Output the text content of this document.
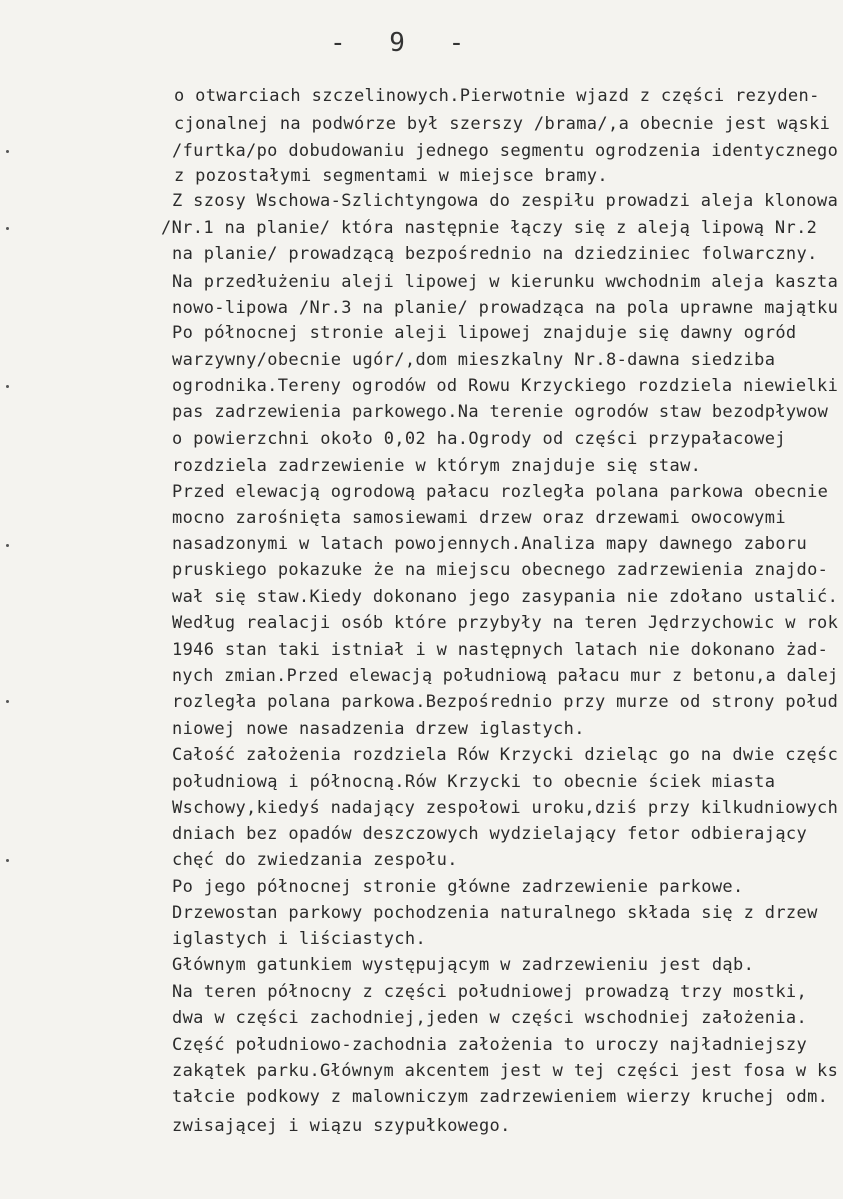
- 9 -
o otwarciach szczelinowych.Pierwotnie wjazd z części rezyden-
cjonalnej na podwórze był szerszy /brama/,a obecnie jest wąski
/furtka/po dobudowaniu jednego segmentu ogrodzenia identycznego
z pozostałymi segmentami w miejsce bramy.
Z szosy Wschowa-Szlichtyngowa do zespiłu prowadzi aleja klonowa
/Nr.1 na planie/ która następnie łączy się z aleją lipową Nr.2
na planie/ prowadzącą bezpośrednio na dziedziniec folwarczny.
Na przedłużeniu aleji lipowej w kierunku wwchodnim aleja kaszta
nowo-lipowa /Nr.3 na planie/ prowadząca na pola uprawne majątku
Po północnej stronie aleji lipowej znajduje się dawny ogród
warzywny/obecnie ugór/,dom mieszkalny Nr.8-dawna siedziba
ogrodnika.Tereny ogrodów od Rowu Krzyckiego rozdziela niewielki
pas zadrzewienia parkowego.Na terenie ogrodów staw bezodpływow
o powierzchni około 0,02 ha.Ogrody od części przypałacowej
rozdziela zadrzewienie w którym znajduje się staw.
Przed elewacją ogrodową pałacu rozległa polana parkowa obecnie
mocno zarośnięta samosiewami drzew oraz drzewami owocowymi
nasadzonymi w latach powojennych.Analiza mapy dawnego zaboru
pruskiego pokazuke że na miejscu obecnego zadrzewienia znajdo-
wał się staw.Kiedy dokonano jego zasypania nie zdołano ustalić.
Według realacji osób które przybyły na teren Jędrzychowic w rok
1946 stan taki istniał i w następnych latach nie dokonano żad-
nych zmian.Przed elewacją południową pałacu mur z betonu,a dalej
rozległa polana parkowa.Bezpośrednio przy murze od strony połud
niowej nowe nasadzenia drzew iglastych.
Całość założenia rozdziela Rów Krzycki dzieląc go na dwie częśc
południową i północną.Rów Krzycki to obecnie ściek miasta
Wschowy,kiedyś nadający zespołowi uroku,dziś przy kilkudniowych
dniach bez opadów deszczowych wydzielający fetor odbierający
chęć do zwiedzania zespołu.
Po jego północnej stronie główne zadrzewienie parkowe.
Drzewostan parkowy pochodzenia naturalnego składa się z drzew
iglastych i liściastych.
Głównym gatunkiem występującym w zadrzewieniu jest dąb.
Na teren północny z części południowej prowadzą trzy mostki,
dwa w części zachodniej,jeden w części wschodniej założenia.
Część południowo-zachodnia założenia to uroczy najładniejszy
zakątek parku.Głównym akcentem jest w tej części jest fosa w ks
tałcie podkowy z malowniczym zadrzewieniem wierzy kruchej odm.
zwisającej i wiązu szypułkowego.
